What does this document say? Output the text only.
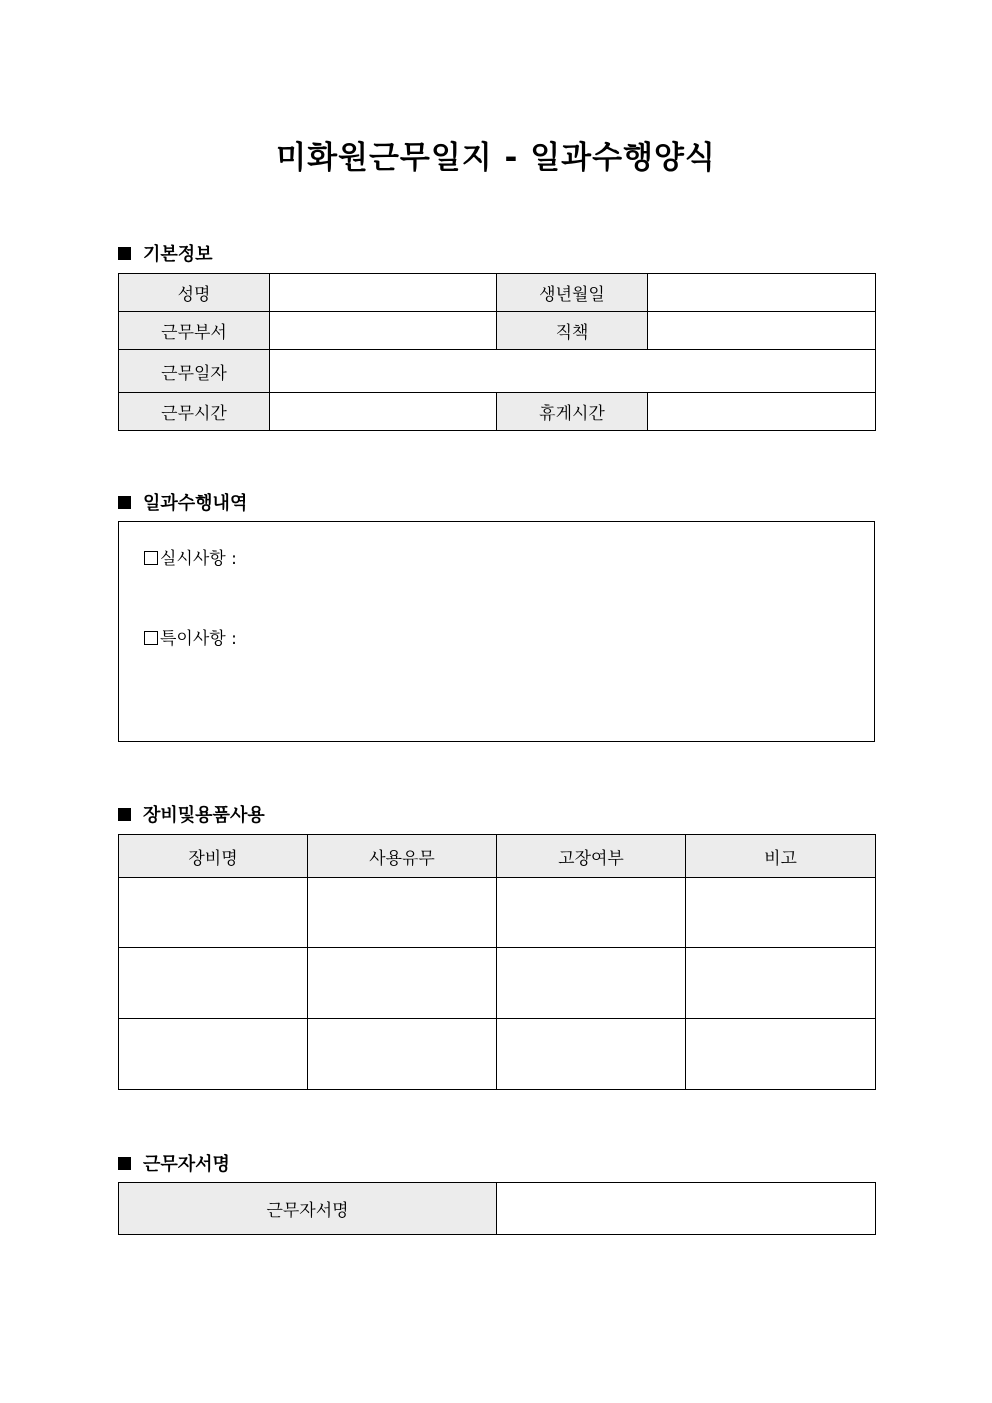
미화원근무일지 - 일과수행양식
기본정보
성명		생년월일	
근무부서		직책	
근무일자			
근무시간		휴게시간	
일과수행내역
실시사항 :
특이사항 :
장비및용품사용
장비명	사용유무	고장여부	비고

근무자서명
근무자서명	
